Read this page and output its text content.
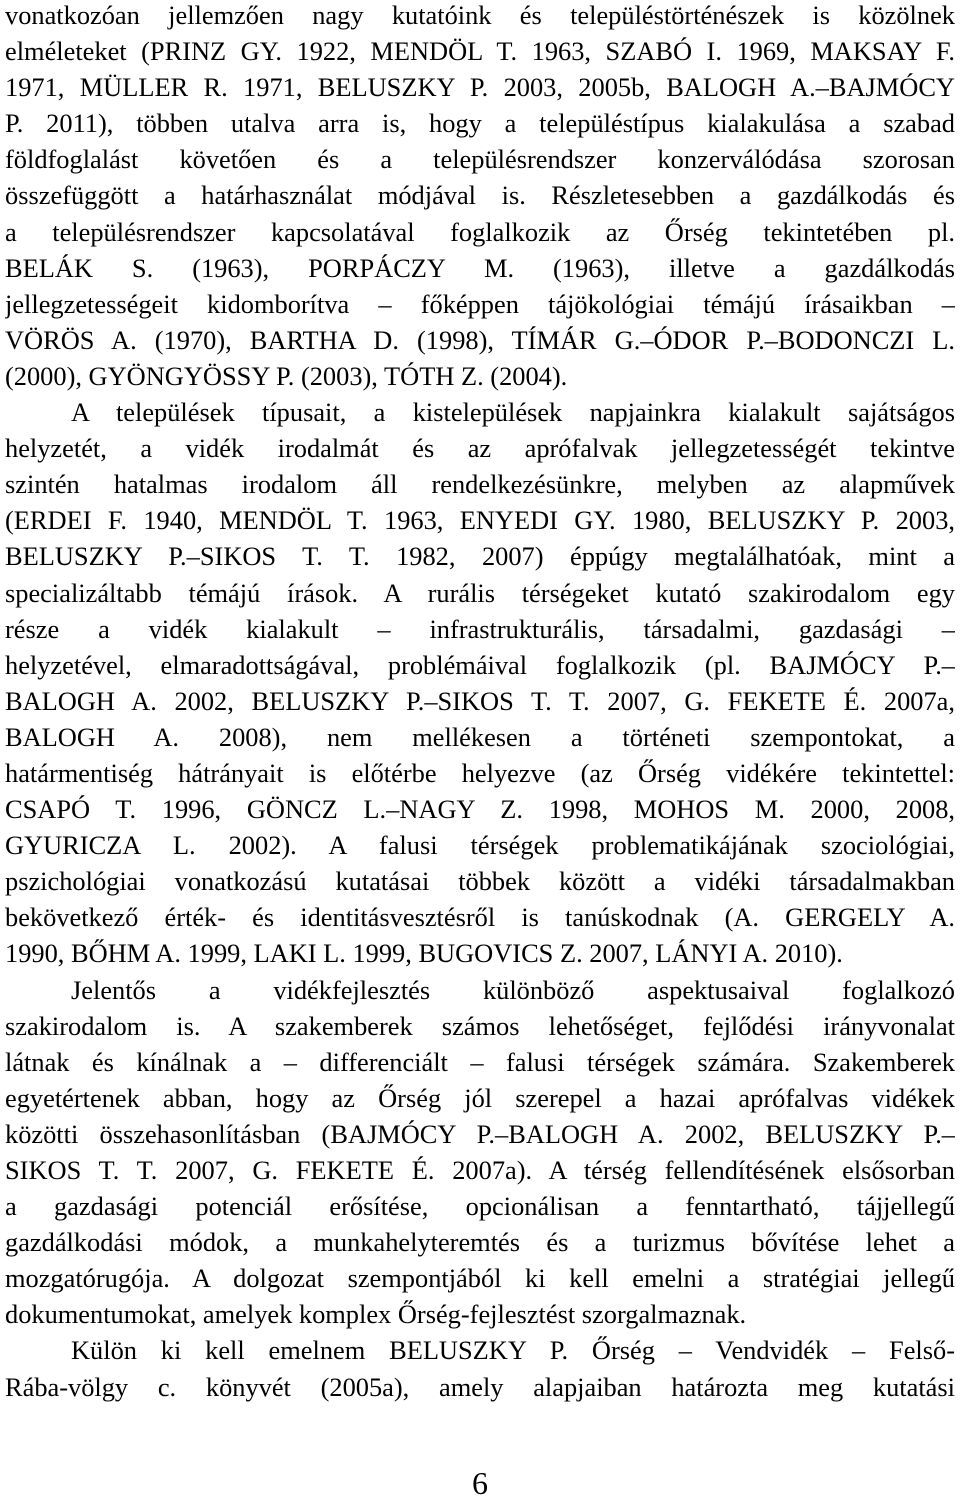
vonatkozóan jellemzően nagy kutatóink és településtörténészek is közölnek
elméleteket (PRINZ GY. 1922, MENDÖL T. 1963, SZABÓ I. 1969, MAKSAY F.
1971, MÜLLER R. 1971, BELUSZKY P. 2003, 2005b, BALOGH A.–BAJMÓCY
P. 2011), többen utalva arra is, hogy a településtípus kialakulása a szabad
földfoglalást követően és a településrendszer konzerválódása szorosan
összefüggött a határhasználat módjával is. Részletesebben a gazdálkodás és
a településrendszer kapcsolatával foglalkozik az Őrség tekintetében pl.
BELÁK S. (1963), PORPÁCZY M. (1963), illetve a gazdálkodás
jellegzetességeit kidomborítva – főképpen tájökológiai témájú írásaikban –
VÖRÖS A. (1970), BARTHA D. (1998), TÍMÁR G.–ÓDOR P.–BODONCZI L.
(2000), GYÖNGYÖSSY P. (2003), TÓTH Z. (2004).

A települések típusait, a kistelepülések napjainkra kialakult sajátságos
helyzetét, a vidék irodalmát és az aprófalvak jellegzetességét tekintve
szintén hatalmas irodalom áll rendelkezésünkre, melyben az alapművek
(ERDEI F. 1940, MENDÖL T. 1963, ENYEDI GY. 1980, BELUSZKY P. 2003,
BELUSZKY P.–SIKOS T. T. 1982, 2007) éppúgy megtalálhatóak, mint a
specializáltabb témájú írások. A rurális térségeket kutató szakirodalom egy
része a vidék kialakult – infrastrukturális, társadalmi, gazdasági –
helyzetével, elmaradottságával, problémáival foglalkozik (pl. BAJMÓCY P.–
BALOGH A. 2002, BELUSZKY P.–SIKOS T. T. 2007, G. FEKETE É. 2007a,
BALOGH A. 2008), nem mellékesen a történeti szempontokat, a
határmentiség hátrányait is előtérbe helyezve (az Őrség vidékére tekintettel:
CSAPÓ T. 1996, GÖNCZ L.–NAGY Z. 1998, MOHOS M. 2000, 2008,
GYURICZA L. 2002). A falusi térségek problematikájának szociológiai,
pszichológiai vonatkozású kutatásai többek között a vidéki társadalmakban
bekövetkező érték- és identitásvesztésről is tanúskodnak (A. GERGELY A.
1990, BŐHM A. 1999, LAKI L. 1999, BUGOVICS Z. 2007, LÁNYI A. 2010).

Jelentős a vidékfejlesztés különböző aspektusaival foglalkozó
szakirodalom is. A szakemberek számos lehetőséget, fejlődési irányvonalat
látnak és kínálnak a – differenciált – falusi térségek számára. Szakemberek
egyetértenek abban, hogy az Őrség jól szerepel a hazai aprófalvas vidékek
közötti összehasonlításban (BAJMÓCY P.–BALOGH A. 2002, BELUSZKY P.–
SIKOS T. T. 2007, G. FEKETE É. 2007a). A térség fellendítésének elsősorban
a gazdasági potenciál erősítése, opcionálisan a fenntartható, tájjellegű
gazdálkodási módok, a munkahelyteremtés és a turizmus bővítése lehet a
mozgatórugója. A dolgozat szempontjából ki kell emelni a stratégiai jellegű
dokumentumokat, amelyek komplex Őrség-fejlesztést szorgalmaznak.

Külön ki kell emelnem BELUSZKY P. Őrség – Vendvidék – Felső-
Rába-völgy c. könyvét (2005a), amely alapjaiban határozta meg kutatási

6
